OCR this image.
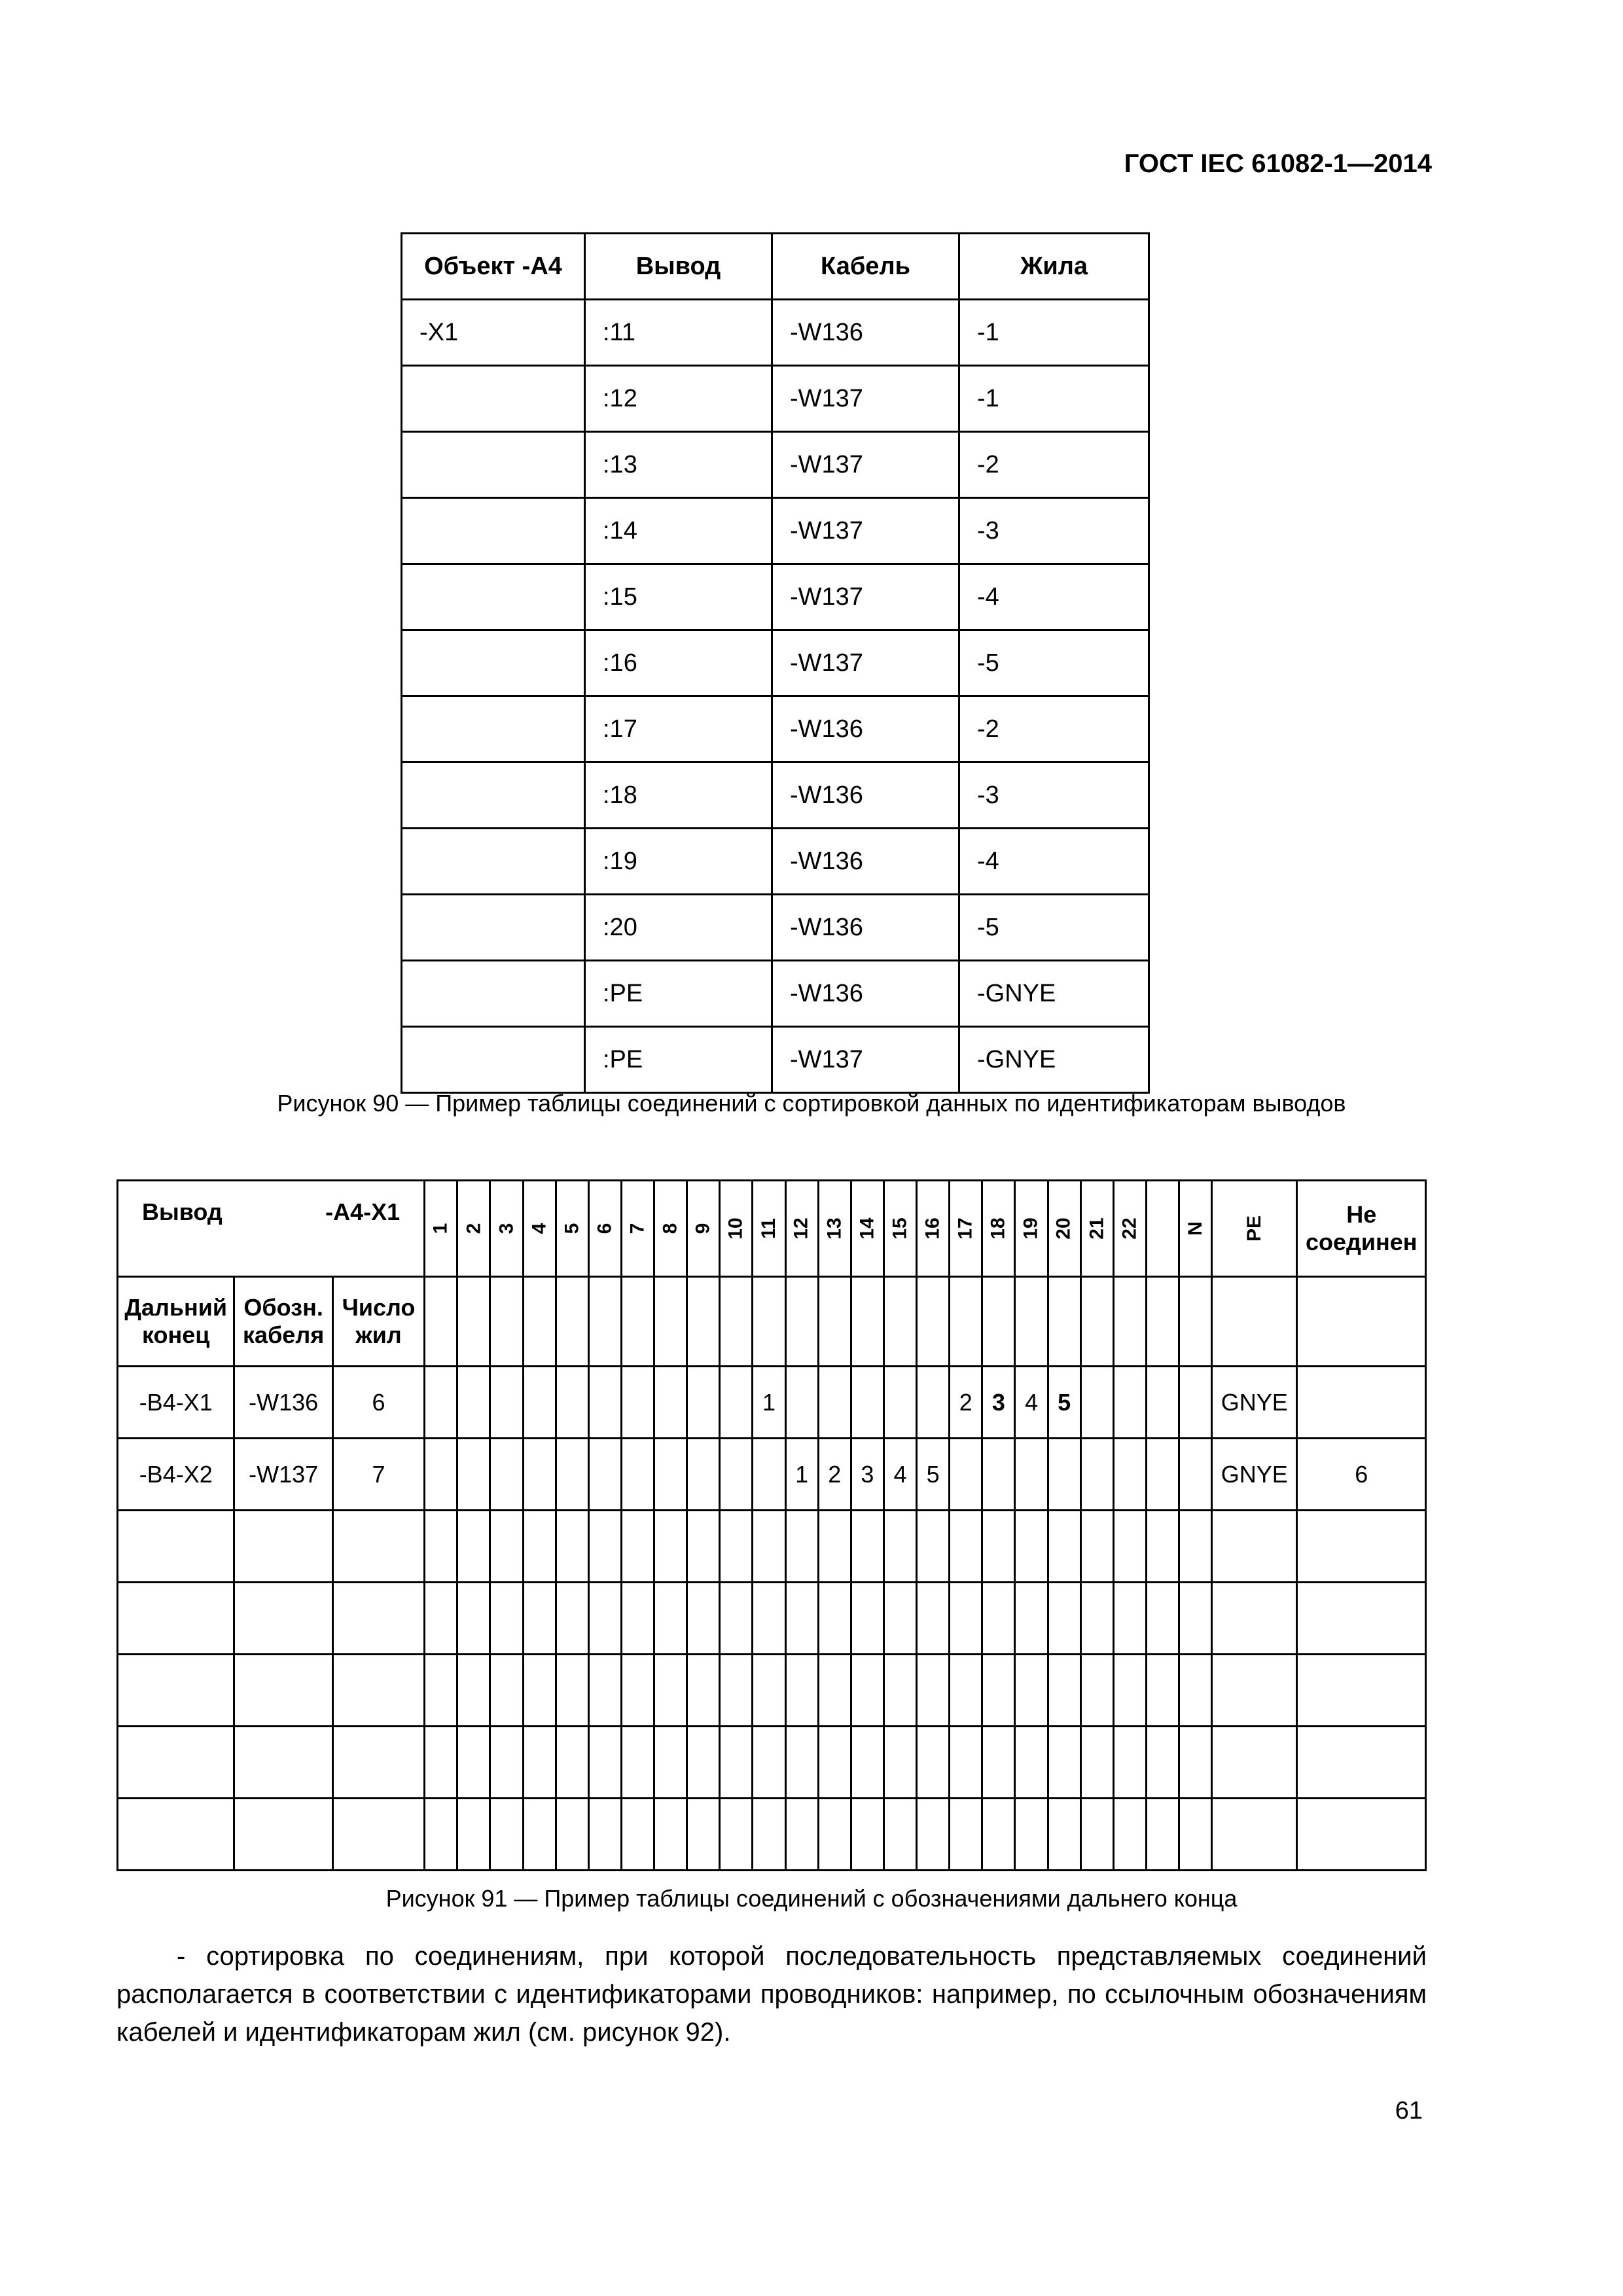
ГОСТ IEC 61082-1—2014
Объект -А4	Вывод	Кабель	Жила
-X1	:11	-W136	-1
	:12	-W137	-1
	:13	-W137	-2
	:14	-W137	-3
	:15	-W137	-4
	:16	-W137	-5
	:17	-W136	-2
	:18	-W136	-3
	:19	-W136	-4
	:20	-W136	-5
	:PE	-W136	-GNYE
	:PE	-W137	-GNYE
Рисунок 90 — Пример таблицы соединений с сортировкой данных по идентификаторам выводов
Вывод -А4-X1			1	2	3	4	5	6	7	8	9	10	11	12	13	14	15	16	17	18	19	20	21	22		N	PE	Не соединен
Дальний конец	Обозн. кабеля	Число жил																										
-В4-X1	-W136	6											1						2	3	4	5					GNYE	
-В4-X2	-W137	7												1	2	3	4	5									GNYE	6

Рисунок 91 — Пример таблицы соединений с обозначениями дальнего конца
- сортировка по соединениям, при которой последовательность представляемых соединений располагается в соответствии с идентификаторами проводников: например, по ссылочным обозначениям кабелей и идентификаторам жил (см. рисунок 92).
61
